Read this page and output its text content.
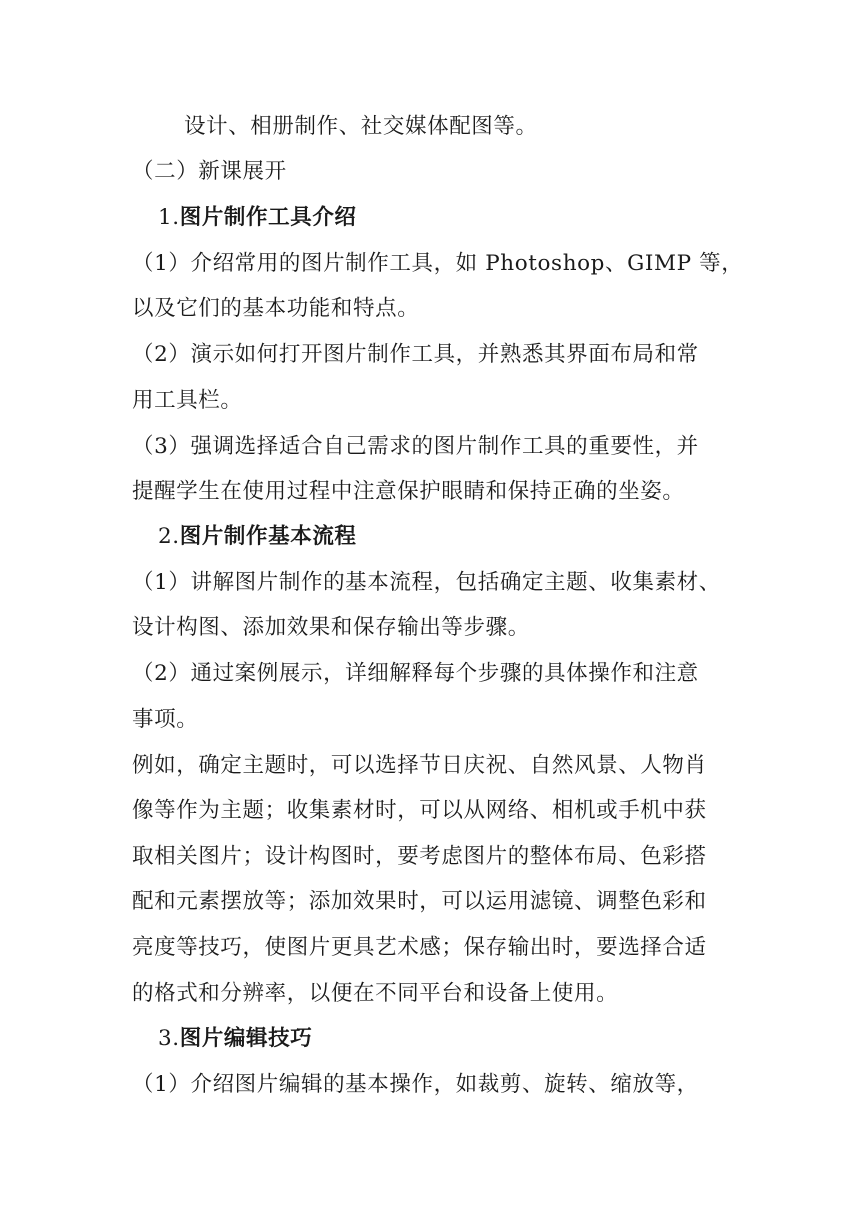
设计、相册制作、社交媒体配图等。
（二）新课展开
1.图片制作工具介绍
（1）介绍常用的图片制作工具，如 Photoshop、GIMP 等，
以及它们的基本功能和特点。
（2）演示如何打开图片制作工具，并熟悉其界面布局和常
用工具栏。
（3）强调选择适合自己需求的图片制作工具的重要性，并
提醒学生在使用过程中注意保护眼睛和保持正确的坐姿。
2.图片制作基本流程
（1）讲解图片制作的基本流程，包括确定主题、收集素材、
设计构图、添加效果和保存输出等步骤。
（2）通过案例展示，详细解释每个步骤的具体操作和注意
事项。
例如，确定主题时，可以选择节日庆祝、自然风景、人物肖
像等作为主题；收集素材时，可以从网络、相机或手机中获
取相关图片；设计构图时，要考虑图片的整体布局、色彩搭
配和元素摆放等；添加效果时，可以运用滤镜、调整色彩和
亮度等技巧，使图片更具艺术感；保存输出时，要选择合适
的格式和分辨率，以便在不同平台和设备上使用。
3.图片编辑技巧
（1）介绍图片编辑的基本操作，如裁剪、旋转、缩放等，
